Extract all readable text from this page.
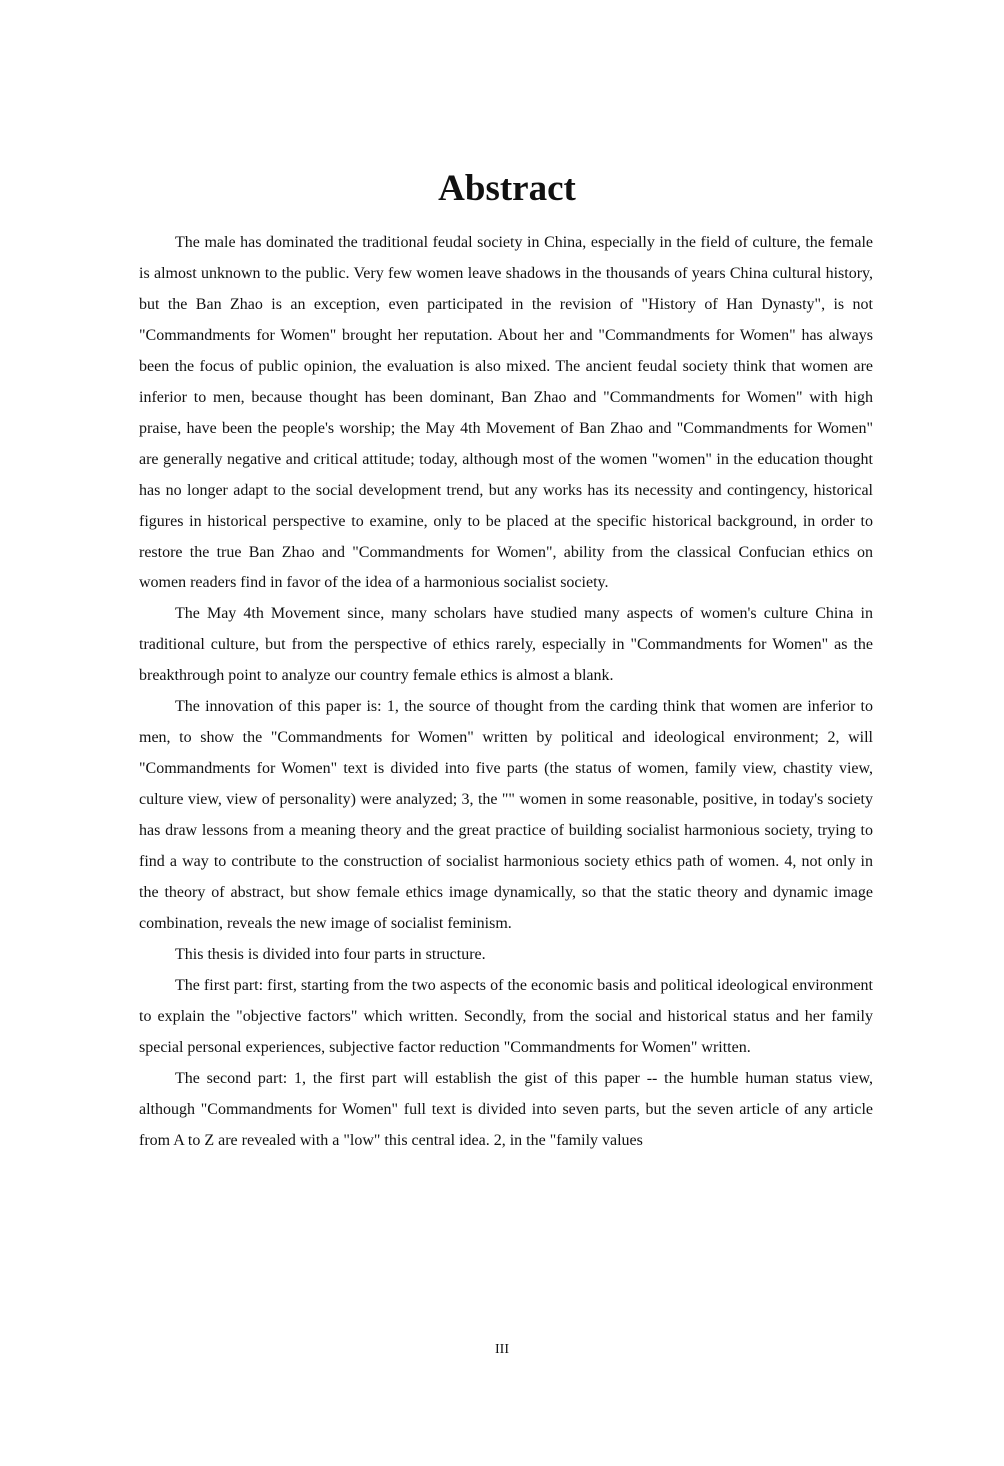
Abstract

The male has dominated the traditional feudal society in China, especially in the field of culture, the female is almost unknown to the public. Very few women leave shadows in the thousands of years China cultural history, but the Ban Zhao is an exception, even participated in the revision of "History of Han Dynasty", is not "Commandments for Women" brought her reputation. About her and "Commandments for Women" has always been the focus of public opinion, the evaluation is also mixed. The ancient feudal society think that women are inferior to men, because thought has been dominant, Ban Zhao and "Commandments for Women" with high praise, have been the people's worship; the May 4th Movement of Ban Zhao and "Commandments for Women" are generally negative and critical attitude; today, although most of the women "women" in the education thought has no longer adapt to the social development trend, but any works has its necessity and contingency, historical figures in historical perspective to examine, only to be placed at the specific historical background, in order to restore the true Ban Zhao and "Commandments for Women", ability from the classical Confucian ethics on women readers find in favor of the idea of a harmonious socialist society.

The May 4th Movement since, many scholars have studied many aspects of women's culture China in traditional culture, but from the perspective of ethics rarely, especially in "Commandments for Women" as the breakthrough point to analyze our country female ethics is almost a blank.

The innovation of this paper is: 1, the source of thought from the carding think that women are inferior to men, to show the "Commandments for Women" written by political and ideological environment; 2, will "Commandments for Women" text is divided into five parts (the status of women, family view, chastity view, culture view, view of personality) were analyzed; 3, the "" women in some reasonable, positive, in today's society has draw lessons from a meaning theory and the great practice of building socialist harmonious society, trying to find a way to contribute to the construction of socialist harmonious society ethics path of women. 4, not only in the theory of abstract, but show female ethics image dynamically, so that the static theory and dynamic image combination, reveals the new image of socialist feminism.

This thesis is divided into four parts in structure.

The first part: first, starting from the two aspects of the economic basis and political ideological environment to explain the "objective factors" which written. Secondly, from the social and historical status and her family special personal experiences, subjective factor reduction "Commandments for Women" written.

The second part: 1, the first part will establish the gist of this paper -- the humble human status view, although "Commandments for Women" full text is divided into seven parts, but the seven article of any article from A to Z are revealed with a "low" this central idea. 2, in the "family values

III
